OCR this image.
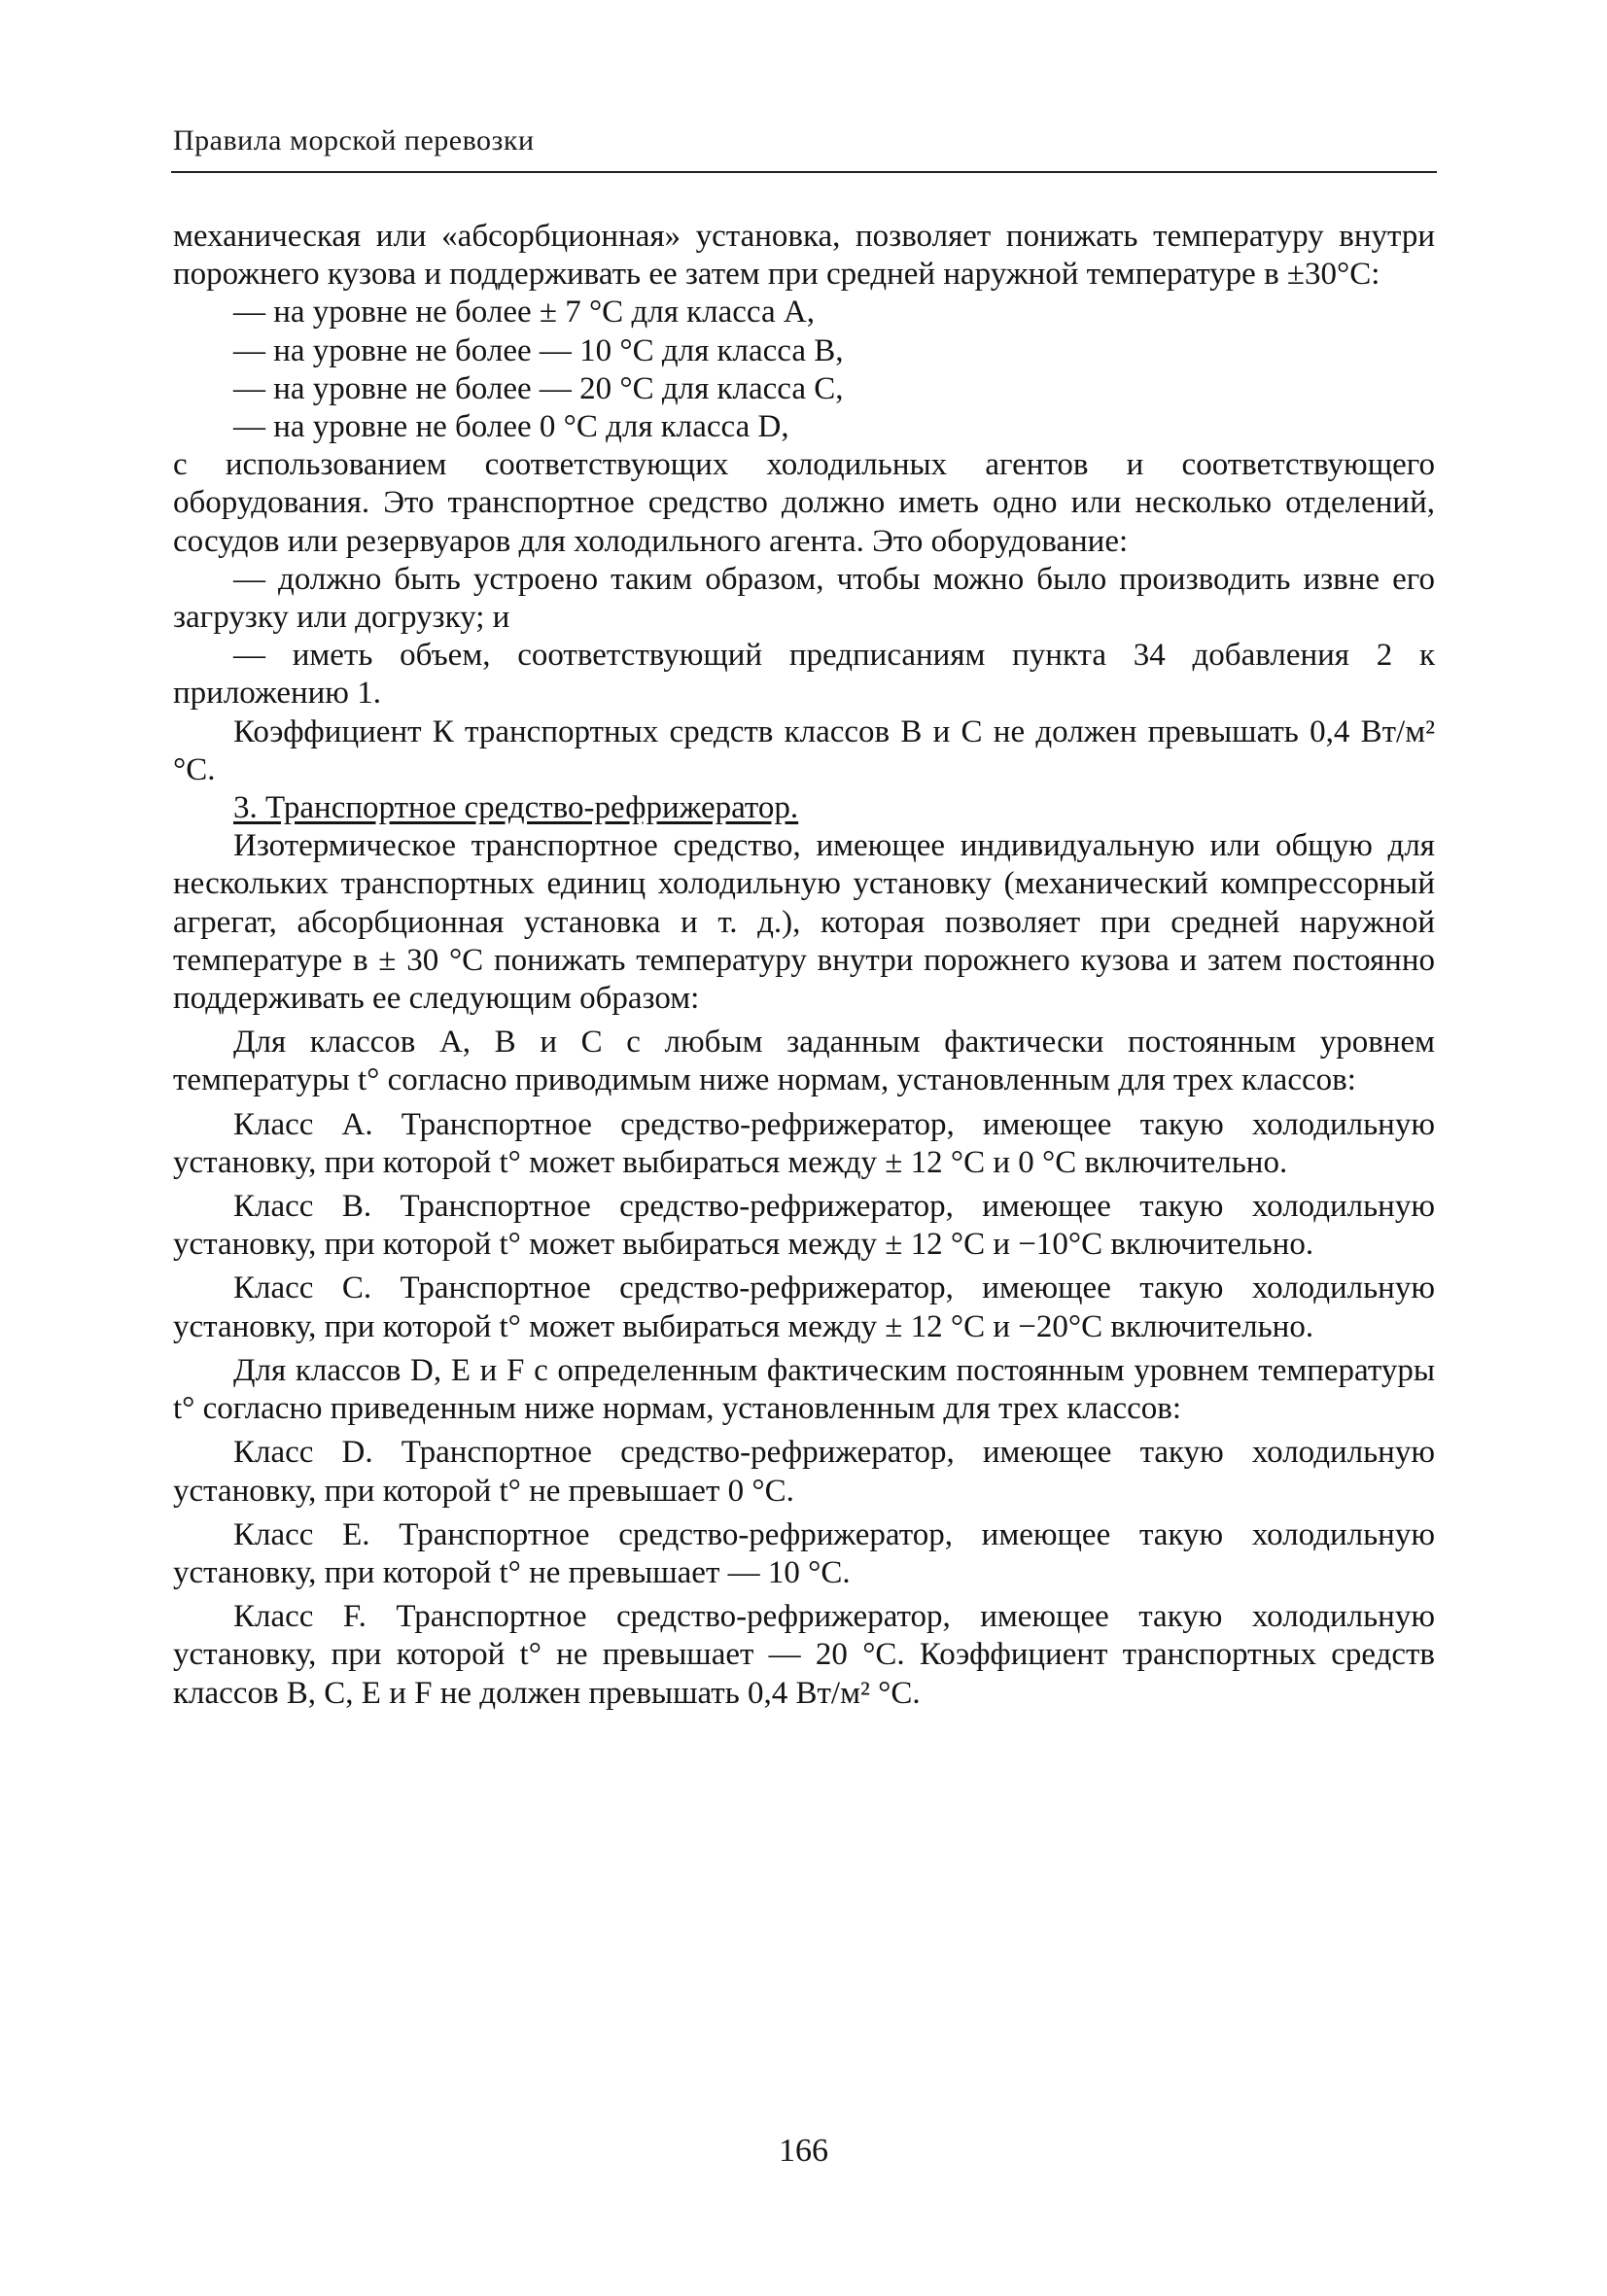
Правила морской перевозки

механическая или «абсорбционная» установка, позволяет понижать температуру внутри порожнего кузова и поддерживать ее затем при средней наружной температуре в ±30°С:

— на уровне не более ± 7 °С для класса А,

— на уровне не более — 10 °С для класса В,

— на уровне не более — 20 °С для класса С,

— на уровне не более 0 °С для класса D,

с использованием соответствующих холодильных агентов и соответствующего оборудования. Это транспортное средство должно иметь одно или несколько отделений, сосудов или резервуаров для холодильного агента. Это оборудование:

— должно быть устроено таким образом, чтобы можно было производить извне его загрузку или догрузку; и

— иметь объем, соответствующий предписаниям пункта 34 добавления 2 к приложению 1.

Коэффициент К транспортных средств классов В и С не должен превышать 0,4 Вт/м² °С.

3. Транспортное средство-рефрижератор.

Изотермическое транспортное средство, имеющее индивидуальную или общую для нескольких транспортных единиц холодильную установку (механический компрессорный агрегат, абсорбционная установка и т. д.), которая позволяет при средней наружной температуре в ± 30 °С понижать температуру внутри порожнего кузова и затем постоянно поддерживать ее следующим образом:

Для классов А, В и С с любым заданным фактически постоянным уровнем температуры t° согласно приводимым ниже нормам, установленным для трех классов:

Класс А. Транспортное средство-рефрижератор, имеющее такую холодильную установку, при которой t° может выбираться между ± 12 °С и 0 °С включительно.

Класс В. Транспортное средство-рефрижератор, имеющее такую холодильную установку, при которой t° может выбираться между ± 12 °С и −10°С включительно.

Класс С. Транспортное средство-рефрижератор, имеющее такую холодильную установку, при которой t° может выбираться между ± 12 °С и −20°С включительно.

Для классов D, Е и F с определенным фактическим постоянным уровнем температуры t° согласно приведенным ниже нормам, установленным для трех классов:

Класс D. Транспортное средство-рефрижератор, имеющее такую холодильную установку, при которой t° не превышает 0 °С.

Класс Е. Транспортное средство-рефрижератор, имеющее такую холодильную установку, при которой t° не превышает — 10 °С.

Класс F. Транспортное средство-рефрижератор, имеющее такую холодильную установку, при которой t° не превышает — 20 °С. Коэффициент транспортных средств классов В, С, Е и F не должен превышать 0,4 Вт/м² °С.

166
